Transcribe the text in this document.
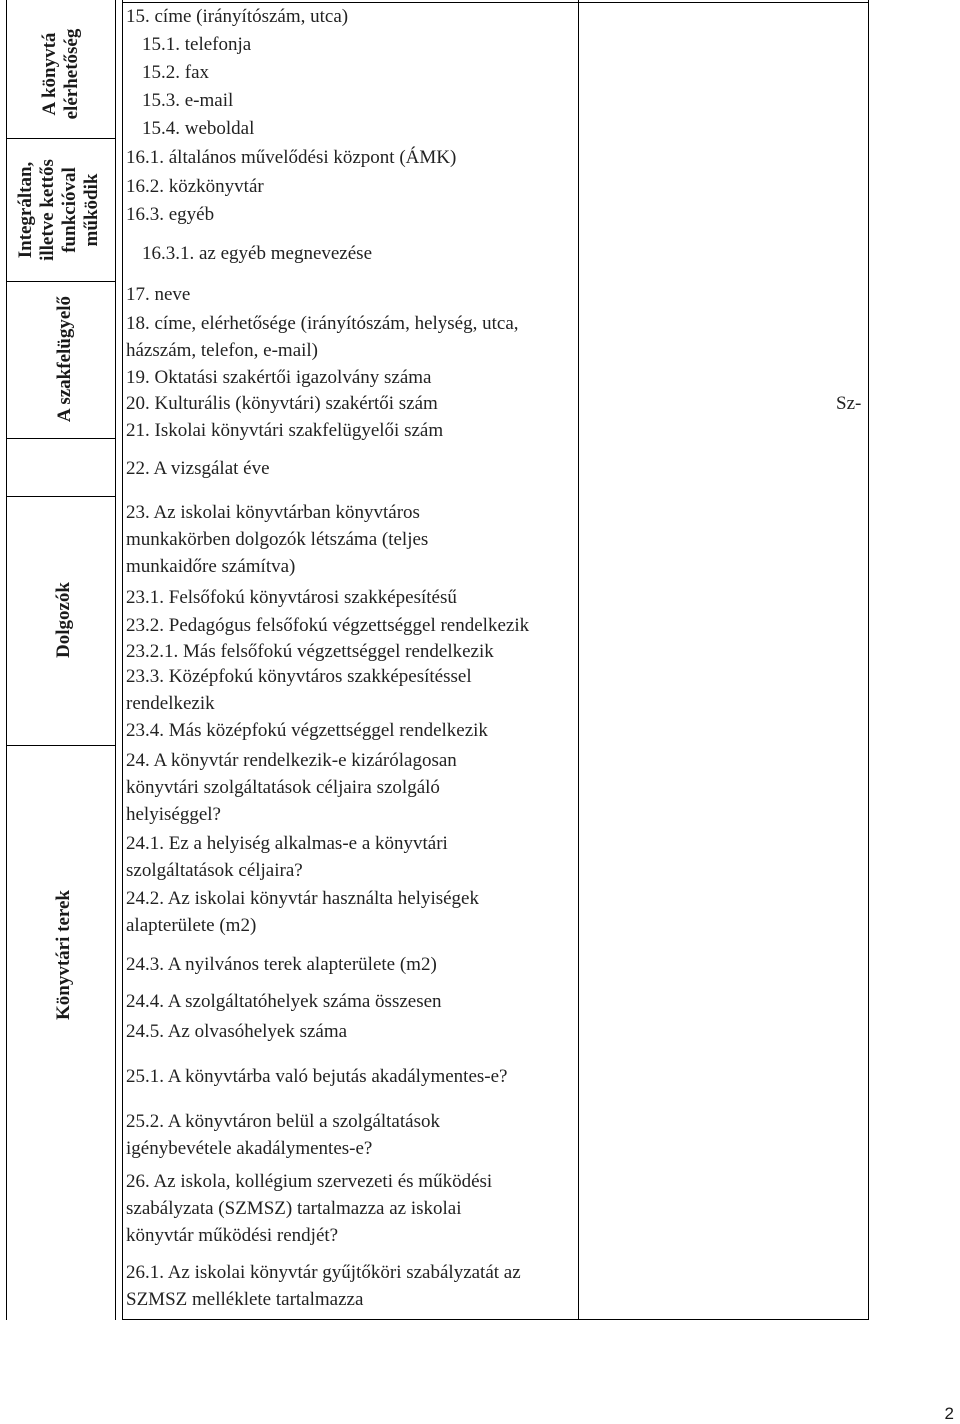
A könyvtá elérhetőség
Integráltan, illetve kettős funkcióval működik
A szakfelügyelő
Dolgozók
Könyvtári terek
15. címe (irányítószám, utca)
15.1. telefonja
15.2. fax
15.3. e-mail
15.4. weboldal
16.1. általános művelődési központ (ÁMK)
16.2. közkönyvtár
16.3. egyéb
16.3.1. az egyéb megnevezése
17. neve
18. címe, elérhetősége (irányítószám, helység, utca,
házszám, telefon, e-mail)
19. Oktatási szakértői igazolvány száma
20. Kulturális (könyvtári) szakértői szám
21. Iskolai könyvtári szakfelügyelői szám
22. A vizsgálat éve
23. Az iskolai könyvtárban könyvtáros
munkakörben dolgozók létszáma (teljes
munkaidőre számítva)
23.1. Felsőfokú könyvtárosi szakképesítésű
23.2. Pedagógus felsőfokú végzettséggel rendelkezik
23.2.1. Más felsőfokú végzettséggel rendelkezik
23.3. Középfokú könyvtáros szakképesítéssel
rendelkezik
23.4. Más középfokú végzettséggel rendelkezik
24. A könyvtár rendelkezik-e kizárólagosan
könyvtári szolgáltatások céljaira szolgáló
helyiséggel?
24.1. Ez a helyiség alkalmas-e a könyvtári
szolgáltatások céljaira?
24.2. Az iskolai könyvtár használta helyiségek
alapterülete (m2)
24.3. A nyilvános terek alapterülete (m2)
24.4. A szolgáltatóhelyek száma összesen
24.5. Az olvasóhelyek száma
25.1. A könyvtárba való bejutás akadálymentes-e?
25.2. A könyvtáron belül a szolgáltatások
igénybevétele akadálymentes-e?
26. Az iskola, kollégium szervezeti és működési
szabályzata (SZMSZ) tartalmazza az iskolai
könyvtár működési rendjét?
26.1. Az iskolai könyvtár gyűjtőköri szabályzatát az
SZMSZ melléklete tartalmazza
Sz-
2
